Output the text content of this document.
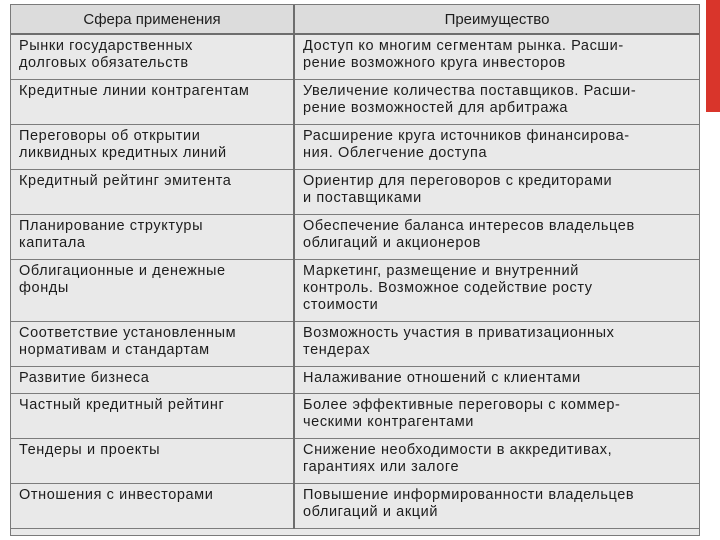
Сфера применения	Преимущество
Рынки государственных
долговых обязательств	Доступ ко многим сегментам рынка. Расши-
рение возможного круга инвесторов
Кредитные линии контрагентам	Увеличение количества поставщиков. Расши-
рение возможностей для арбитража
Переговоры об открытии
ликвидных кредитных линий	Расширение круга источников финансирова-
ния. Облегчение доступа
Кредитный рейтинг эмитента	Ориентир для переговоров с кредиторами
и поставщиками
Планирование структуры
капитала	Обеспечение баланса интересов владельцев
облигаций и акционеров
Облигационные и денежные
фонды	Маркетинг, размещение и внутренний
контроль. Возможное содействие росту
стоимости
Соответствие установленным
нормативам и стандартам	Возможность участия в приватизационных
тендерах
Развитие бизнеса	Налаживание отношений с клиентами
Частный кредитный рейтинг	Более эффективные переговоры с коммер-
ческими контрагентами
Тендеры и проекты	Снижение необходимости в аккредитивах,
гарантиях или залоге
Отношения с инвесторами	Повышение информированности владельцев
облигаций и акций
